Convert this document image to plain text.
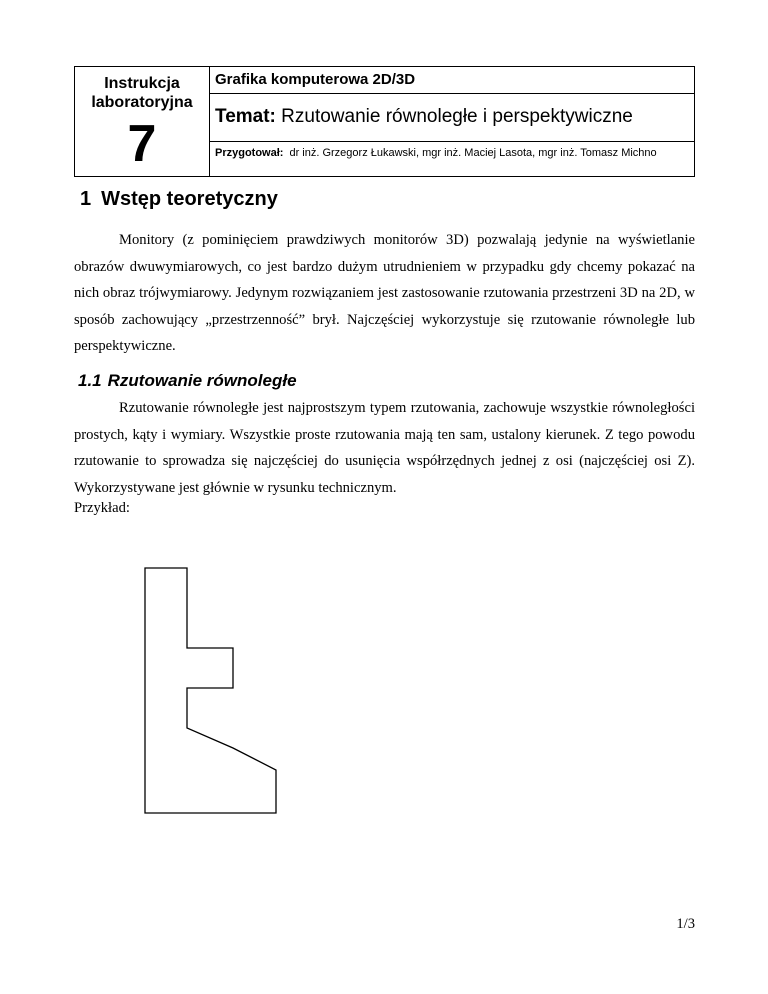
Instrukcja laboratoryjna
7
Grafika komputerowa 2D/3D
Temat: Rzutowanie równoległe i perspektywiczne
Przygotował: dr inż. Grzegorz Łukawski, mgr inż. Maciej Lasota, mgr inż. Tomasz Michno
1 Wstęp teoretyczny

Monitory (z pominięciem prawdziwych monitorów 3D) pozwalają jedynie na wyświetlanie obrazów dwuwymiarowych, co jest bardzo dużym utrudnieniem w przypadku gdy chcemy pokazać na nich obraz trójwymiarowy. Jedynym rozwiązaniem jest zastosowanie rzutowania przestrzeni 3D na 2D, w sposób zachowujący „przestrzenność” brył. Najczęściej wykorzystuje się rzutowanie równoległe lub perspektywiczne.

1.1 Rzutowanie równoległe

Rzutowanie równoległe jest najprostszym typem rzutowania, zachowuje wszystkie równoległości prostych, kąty i wymiary. Wszystkie proste rzutowania mają ten sam, ustalony kierunek. Z tego powodu rzutowanie to sprowadza się najczęściej do usunięcia współrzędnych jednej z osi (najczęściej osi Z). Wykorzystywane jest głównie w rysunku technicznym.

Przykład:

1/3
